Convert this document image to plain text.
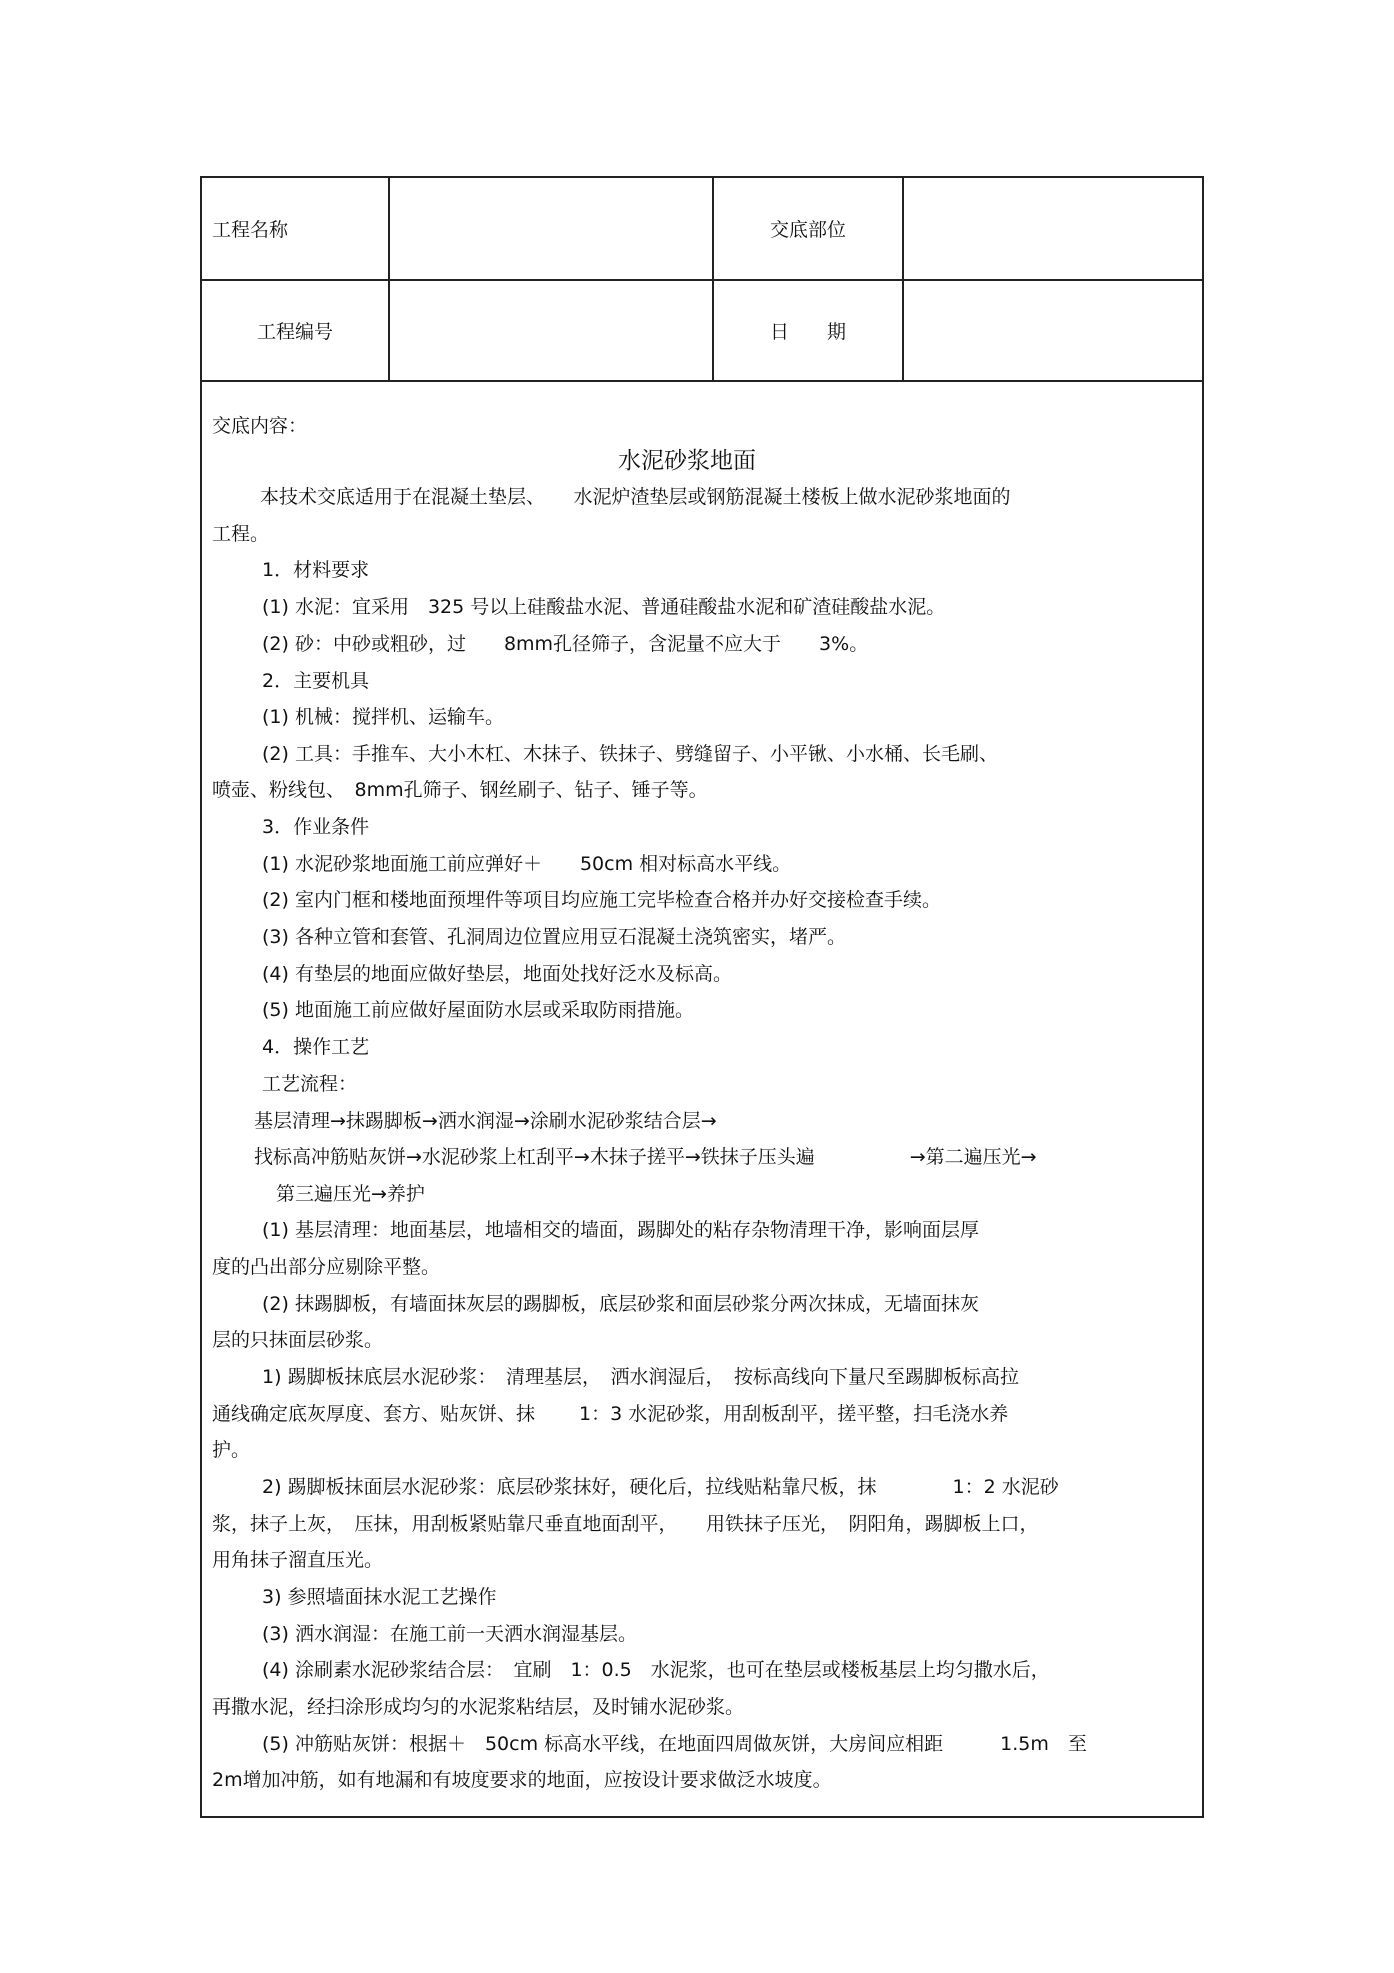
工程名称	交底部位
工程编号	日　　期
交底内容：
水泥砂浆地面
本技术交底适用于在混凝土垫层、　　水泥炉渣垫层或钢筋混凝土楼板上做水泥砂浆地面的
工程。
1．材料要求
(1) 水泥：宜采用　325 号以上硅酸盐水泥、普通硅酸盐水泥和矿渣硅酸盐水泥。
(2) 砂：中砂或粗砂，过　　8mm孔径筛子，含泥量不应大于　　3%。
2．主要机具
(1) 机械：搅拌机、运输车。
(2) 工具：手推车、大小木杠、木抹子、铁抹子、劈缝留子、小平锹、小水桶、长毛刷、
喷壶、粉线包、　8mm孔筛子、钢丝刷子、钻子、锤子等。
3．作业条件
(1) 水泥砂浆地面施工前应弹好＋　　50cm 相对标高水平线。
(2) 室内门框和楼地面预埋件等项目均应施工完毕检查合格并办好交接检查手续。
(3) 各种立管和套管、孔洞周边位置应用豆石混凝土浇筑密实，堵严。
(4) 有垫层的地面应做好垫层，地面处找好泛水及标高。
(5) 地面施工前应做好屋面防水层或采取防雨措施。
4．操作工艺
工艺流程：
基层清理→抹踢脚板→洒水润湿→涂刷水泥砂浆结合层→
找标高冲筋贴灰饼→水泥砂浆上杠刮平→木抹子搓平→铁抹子压头遍　　　　　→第二遍压光→
第三遍压光→养护
(1) 基层清理：地面基层，地墙相交的墙面，踢脚处的粘存杂物清理干净，影响面层厚
度的凸出部分应剔除平整。
(2) 抹踢脚板，有墙面抹灰层的踢脚板，底层砂浆和面层砂浆分两次抹成，无墙面抹灰
层的只抹面层砂浆。
1) 踢脚板抹底层水泥砂浆：　清理基层，　洒水润湿后，　按标高线向下量尺至踢脚板标高拉
通线确定底灰厚度、套方、贴灰饼、抹　　 1：3 水泥砂浆，用刮板刮平，搓平整，扫毛浇水养
护。
2) 踢脚板抹面层水泥砂浆：底层砂浆抹好，硬化后，拉线贴粘靠尺板，抹　　　　1：2 水泥砂
浆，抹子上灰，　压抹，用刮板紧贴靠尺垂直地面刮平，　　用铁抹子压光，　阴阳角，踢脚板上口，
用角抹子溜直压光。
3) 参照墙面抹水泥工艺操作
(3) 洒水润湿：在施工前一天洒水润湿基层。
(4) 涂刷素水泥砂浆结合层：　宜刷　1：0.5　水泥浆，也可在垫层或楼板基层上均匀撒水后，
再撒水泥，经扫涂形成均匀的水泥浆粘结层，及时铺水泥砂浆。
(5) 冲筋贴灰饼：根据＋　50cm 标高水平线，在地面四周做灰饼，大房间应相距　　　1.5m　至
2m增加冲筋，如有地漏和有坡度要求的地面，应按设计要求做泛水坡度。
